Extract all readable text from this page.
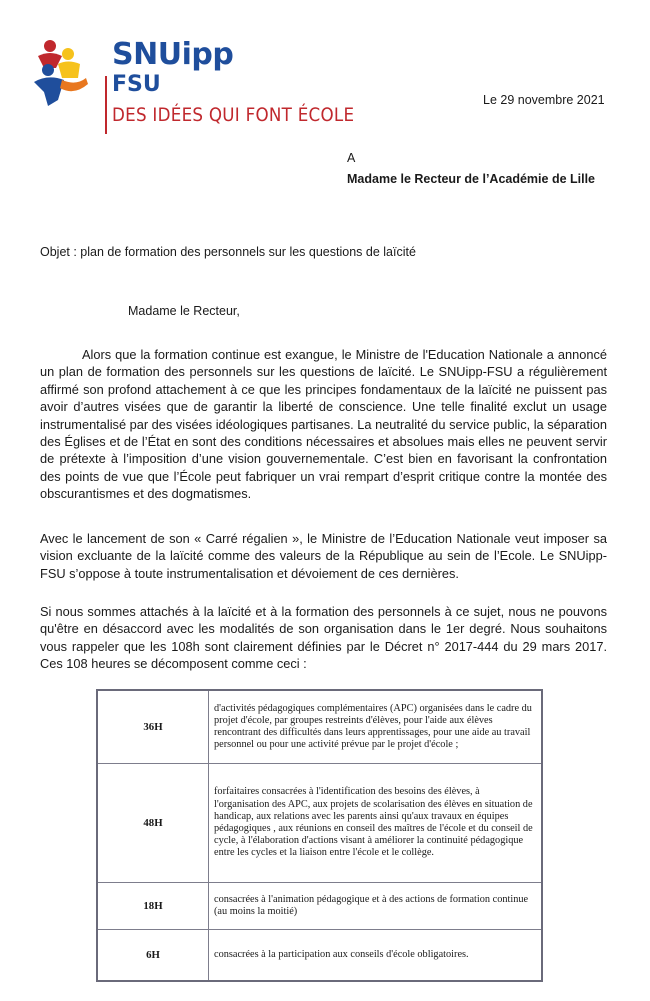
SNUipp
FSU
DES IDÉES QUI FONT ÉCOLE
Le 29 novembre 2021
A
Madame le Recteur de l’Académie de Lille
Objet : plan de formation des personnels sur les questions de laïcité
Madame le Recteur,
Alors que la formation continue est exangue, le Ministre de l'Education Nationale a annoncé un plan de formation des personnels sur les questions de laïcité. Le SNUipp-FSU a régulièrement affirmé son profond attachement à ce que les principes fondamentaux de la laïcité ne puissent pas avoir d’autres visées que de garantir la liberté de conscience. Une telle finalité exclut un usage instrumentalisé par des visées idéologiques partisanes. La neutralité du service public, la séparation des Églises et de l’État en sont des conditions nécessaires et absolues mais elles ne peuvent servir de prétexte à l’imposition d’une vision gouvernementale. C’est bien en favorisant la confrontation des points de vue que l’École peut fabriquer un vrai rempart d’esprit critique contre la montée des obscurantismes et des dogmatismes.
Avec le lancement de son « Carré régalien », le Ministre de l’Education Nationale veut imposer sa vision excluante de la laïcité comme des valeurs de la République au sein de l’Ecole. Le SNUipp-FSU s’oppose à toute instrumentalisation et dévoiement de ces dernières.
Si nous sommes attachés à la laïcité et à la formation des personnels à ce sujet, nous ne pouvons qu'être en désaccord avec les modalités de son organisation dans le 1er degré. Nous souhaitons vous rappeler que les 108h sont clairement définies par le Décret n° 2017-444 du 29 mars 2017. Ces 108 heures se décomposent comme ceci :
36H	d'activités pédagogiques complémentaires (APC) organisées dans le cadre du projet d'école, par groupes restreints d'élèves, pour l'aide aux élèves rencontrant des difficultés dans leurs apprentissages, pour une aide au travail personnel ou pour une activité prévue par le projet d'école ;
48H	forfaitaires consacrées à l'identification des besoins des élèves, à l'organisation des APC, aux projets de scolarisation des élèves en situation de handicap, aux relations avec les parents ainsi qu'aux travaux en équipes pédagogiques , aux réunions en conseil des maîtres de l'école et du conseil de cycle, à l'élaboration d'actions visant à améliorer la continuité pédagogique entre les cycles et la liaison entre l'école et le collège.
18H	consacrées à l'animation pédagogique et à des actions de formation continue (au moins la moitié)
6H	consacrées à la participation aux conseils d'école obligatoires.
